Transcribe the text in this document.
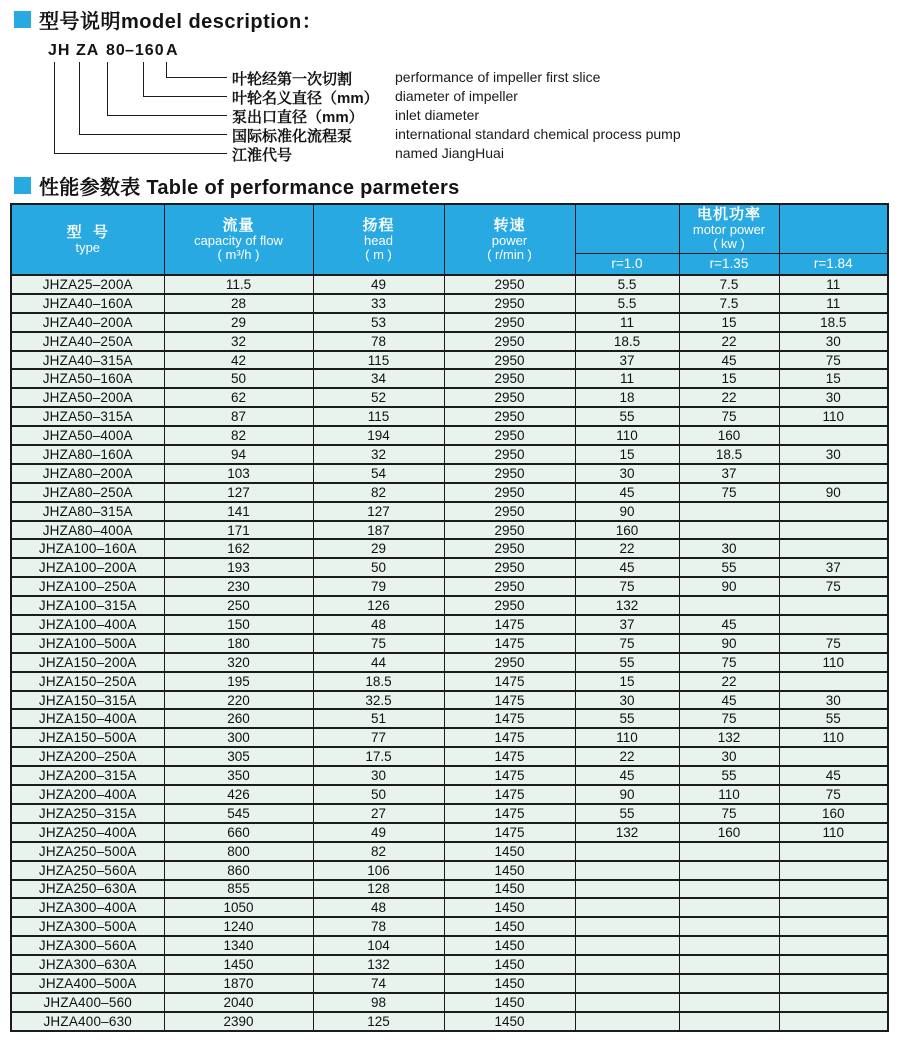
型号说明model description：
JH ZA 80 –160 A
叶轮经第一次切割	performance of impeller first slice
叶轮名义直径（mm） diameter of impeller
泵出口直径（mm） inlet diameter
国际标准化流程泵	international standard chemical process pump
江淮代号	named JiangHuai
性能参数表 Table of performance parmeters
型  号
type

流量
capacity of flow
( m³/h )

扬程
head
( m )

转速
power
( r/min )

电机功率
motor power
( kw )

				r=1.0	r=1.35	r=1.84
JHZA25–200A	11.5	49	2950	5.5	7.5	11
JHZA40–160A	28	33	2950	5.5	7.5	11
JHZA40–200A	29	53	2950	11	15	18.5
JHZA40–250A	32	78	2950	18.5	22	30
JHZA40–315A	42	115	2950	37	45	75
JHZA50–160A	50	34	2950	11	15	15
JHZA50–200A	62	52	2950	18	22	30
JHZA50–315A	87	115	2950	55	75	110
JHZA50–400A	82	194	2950	110	160	
JHZA80–160A	94	32	2950	15	18.5	30
JHZA80–200A	103	54	2950	30	37	
JHZA80–250A	127	82	2950	45	75	90
JHZA80–315A	141	127	2950	90		
JHZA80–400A	171	187	2950	160		
JHZA100–160A	162	29	2950	22	30	
JHZA100–200A	193	50	2950	45	55	37
JHZA100–250A	230	79	2950	75	90	75
JHZA100–315A	250	126	2950	132		
JHZA100–400A	150	48	1475	37	45	
JHZA100–500A	180	75	1475	75	90	75
JHZA150–200A	320	44	2950	55	75	110
JHZA150–250A	195	18.5	1475	15	22	
JHZA150–315A	220	32.5	1475	30	45	30
JHZA150–400A	260	51	1475	55	75	55
JHZA150–500A	300	77	1475	110	132	110
JHZA200–250A	305	17.5	1475	22	30	
JHZA200–315A	350	30	1475	45	55	45
JHZA200–400A	426	50	1475	90	110	75
JHZA250–315A	545	27	1475	55	75	160
JHZA250–400A	660	49	1475	132	160	110
JHZA250–500A	800	82	1450			
JHZA250–560A	860	106	1450			
JHZA250–630A	855	128	1450			
JHZA300–400A	1050	48	1450			
JHZA300–500A	1240	78	1450			
JHZA300–560A	1340	104	1450			
JHZA300–630A	1450	132	1450			
JHZA400–500A	1870	74	1450			
JHZA400–560	2040	98	1450			
JHZA400–630	2390	125	1450			
